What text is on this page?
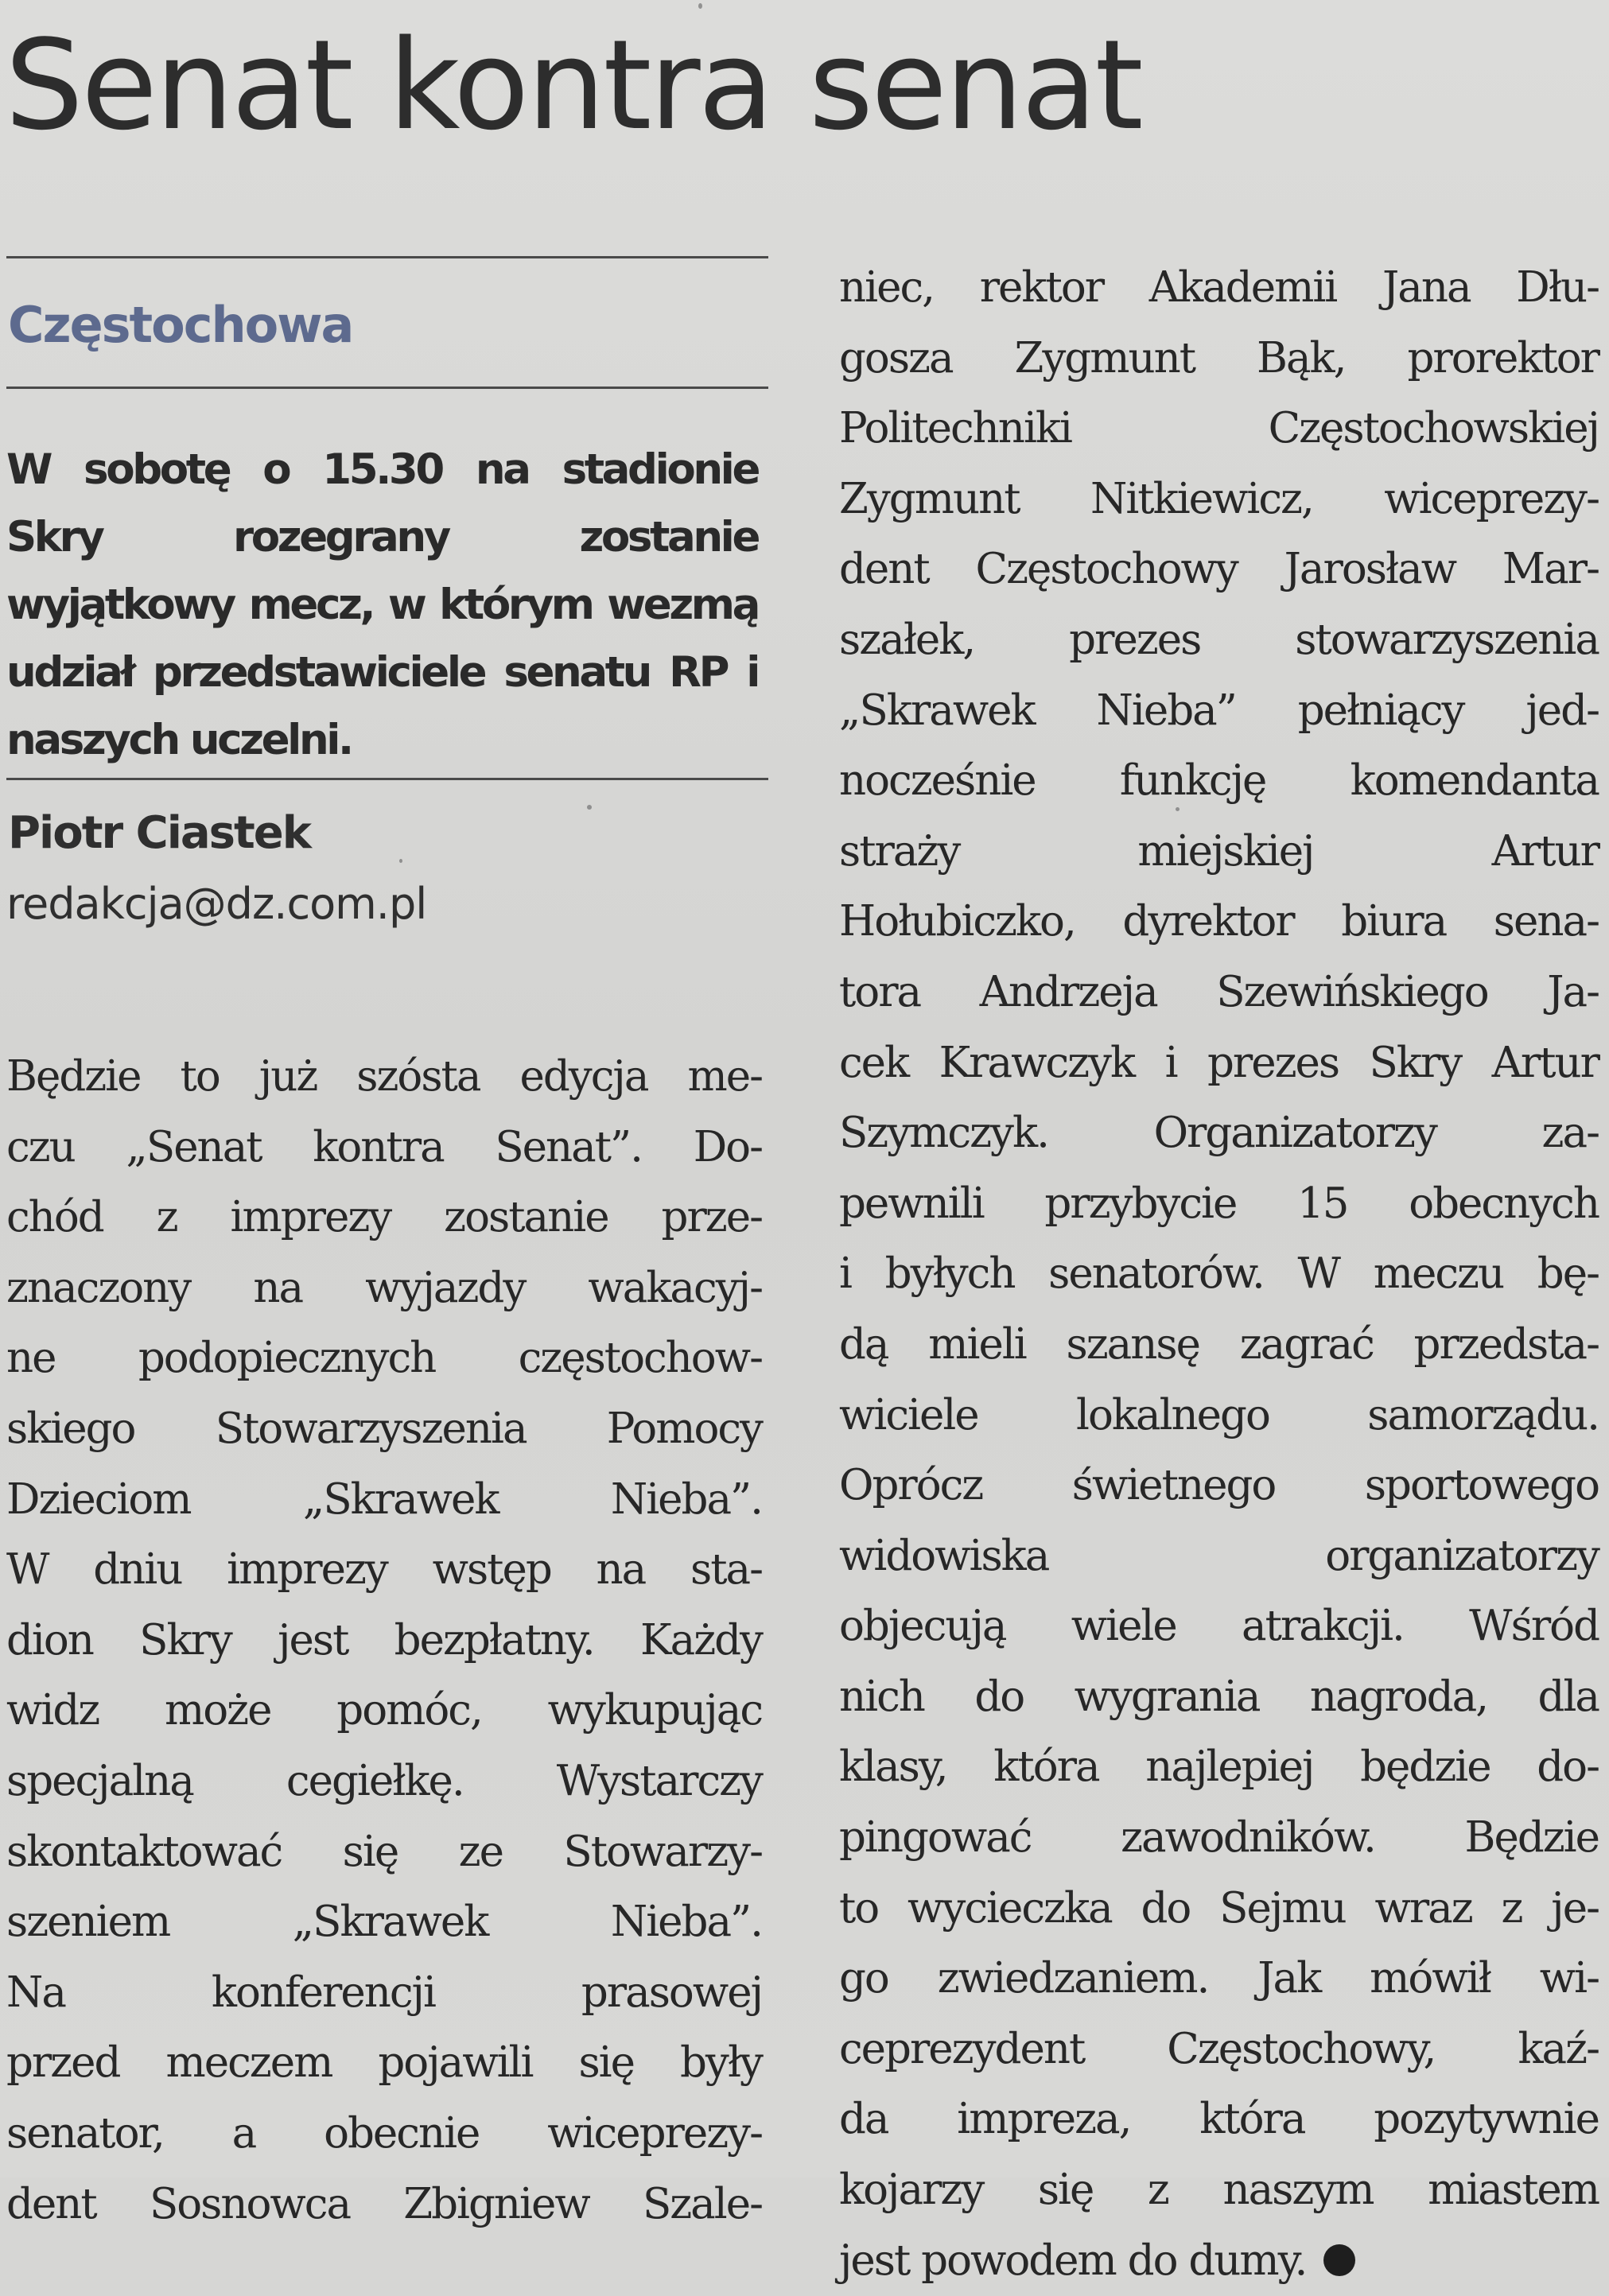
Senat kontra senat
Częstochowa

W sobotę o 15.30 na stadionie Skry rozegrany zostanie wyjątkowy mecz, w którym wezmą udział przedstawiciele senatu RP i naszych uczelni.

Piotr Ciastek
redakcja@dz.com.pl
Będzie to już szósta edycja me-
czu „Senat kontra Senat”. Do-
chód z imprezy zostanie prze-
znaczony na wyjazdy wakacyj-
ne podopiecznych częstochow-
skiego Stowarzyszenia Pomocy
Dzieciom „Skrawek Nieba”.
W dniu imprezy wstęp na sta-
dion Skry jest bezpłatny. Każdy
widz może pomóc, wykupując
specjalną cegiełkę. Wystarczy
skontaktować się ze Stowarzy-
szeniem „Skrawek Nieba”.
Na konferencji prasowej
przed meczem pojawili się były
senator, a obecnie wiceprezy-
dent Sosnowca Zbigniew Szale-
niec, rektor Akademii Jana Dłu-
gosza Zygmunt Bąk, prorektor
Politechniki Częstochowskiej
Zygmunt Nitkiewicz, wiceprezy-
dent Częstochowy Jarosław Mar-
szałek, prezes stowarzyszenia
„Skrawek Nieba” pełniący jed-
nocześnie funkcję komendanta
straży miejskiej Artur
Hołubiczko, dyrektor biura sena-
tora Andrzeja Szewińskiego Ja-
cek Krawczyk i prezes Skry Artur
Szymczyk. Organizatorzy za-
pewnili przybycie 15 obecnych
i byłych senatorów. W meczu bę-
dą mieli szansę zagrać przedsta-
wiciele lokalnego samorządu.
Oprócz świetnego sportowego
widowiska organizatorzy
objecują wiele atrakcji. Wśród
nich do wygrania nagroda, dla
klasy, która najlepiej będzie do-
pingować zawodników. Będzie
to wycieczka do Sejmu wraz z je-
go zwiedzaniem. Jak mówił wi-
ceprezydent Częstochowy, kaź-
da impreza, która pozytywnie
kojarzy się z naszym miastem
jest powodem do dumy.
